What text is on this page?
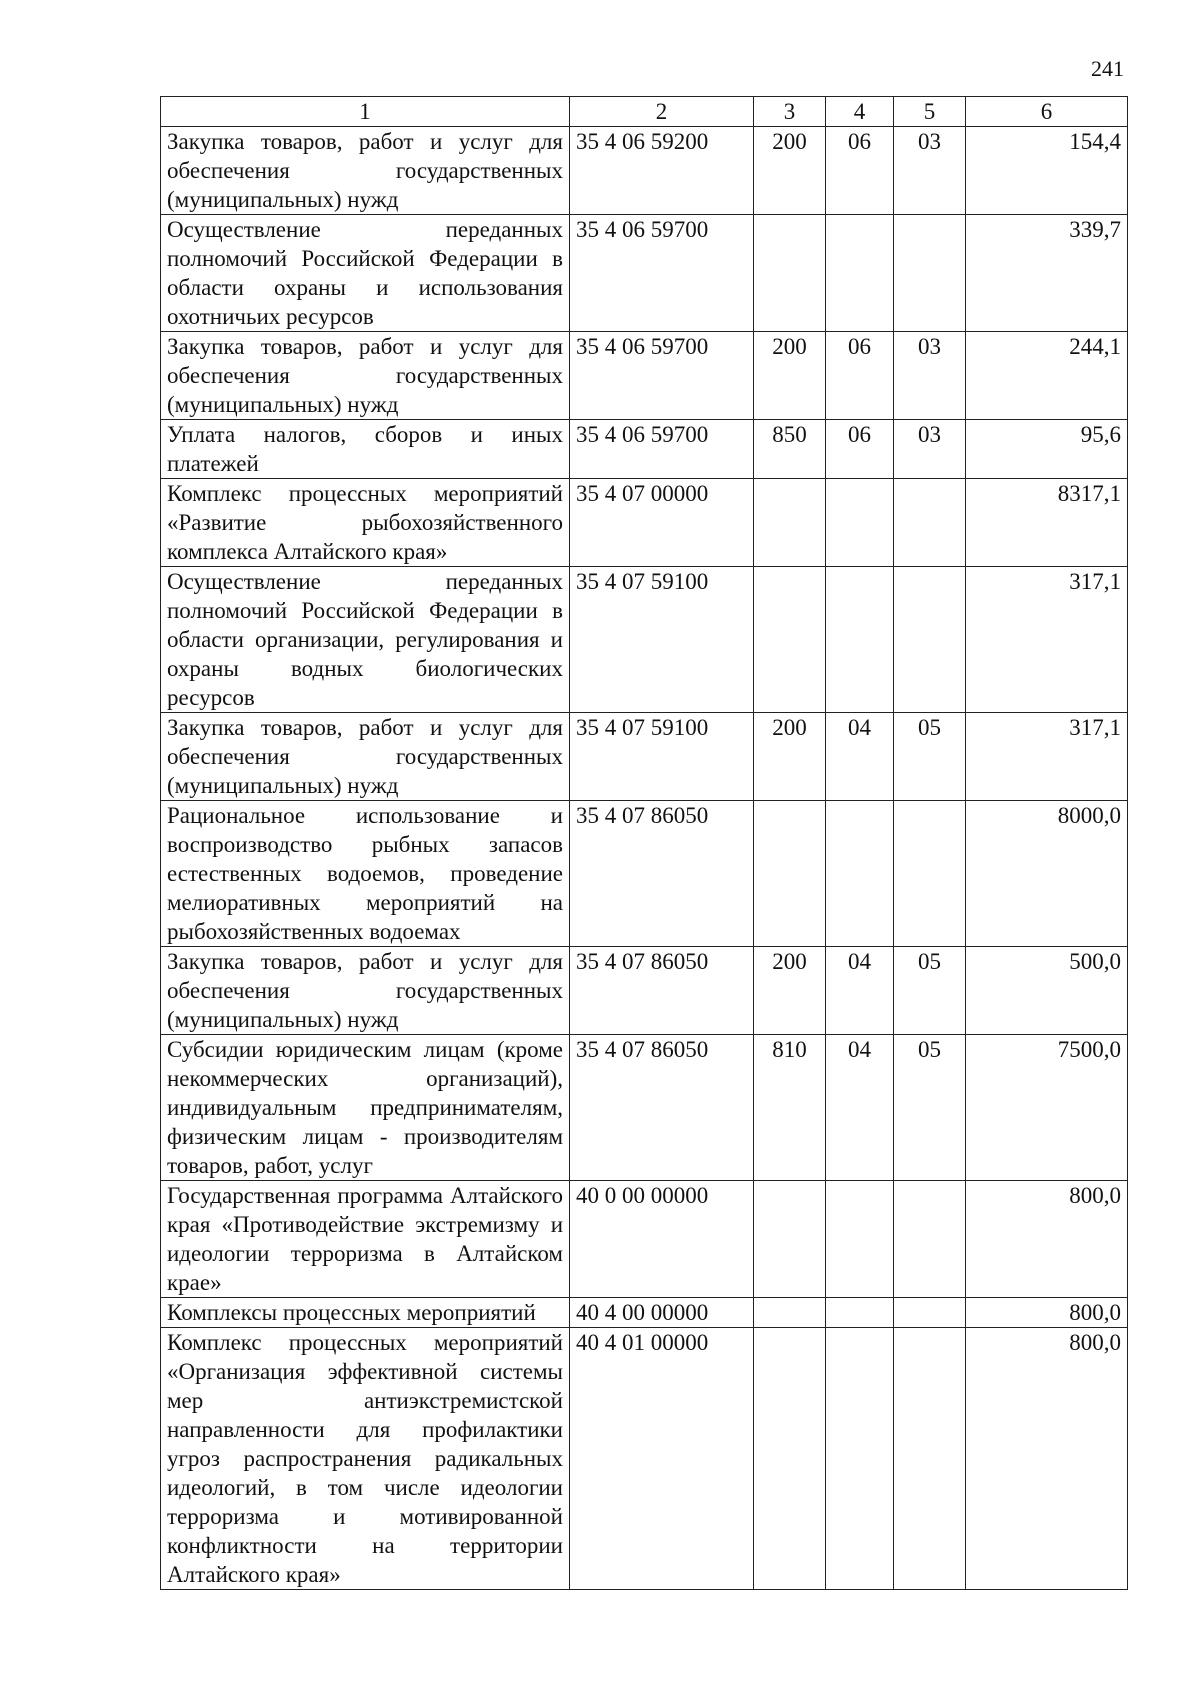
241
1	2	3	4	5	6
Закупка товаров, работ и услуг для обеспечения государственных (муниципальных) нужд	35 4 06 59200	200	06	03	154,4
Осуществление переданных полномочий Российской Федерации в области охраны и использования охотничьих ресурсов	35 4 06 59700				339,7
Закупка товаров, работ и услуг для обеспечения государственных (муниципальных) нужд	35 4 06 59700	200	06	03	244,1
Уплата налогов, сборов и иных платежей	35 4 06 59700	850	06	03	95,6
Комплекс процессных мероприятий «Развитие рыбохозяйственного комплекса Алтайского края»	35 4 07 00000				8317,1
Осуществление переданных полномочий Российской Федерации в области организации, регулирования и охраны водных биологических ресурсов	35 4 07 59100				317,1
Закупка товаров, работ и услуг для обеспечения государственных (муниципальных) нужд	35 4 07 59100	200	04	05	317,1
Рациональное использование и воспроизводство рыбных запасов естественных водоемов, проведение мелиоративных мероприятий на рыбохозяйственных водоемах	35 4 07 86050				8000,0
Закупка товаров, работ и услуг для обеспечения государственных (муниципальных) нужд	35 4 07 86050	200	04	05	500,0
Субсидии юридическим лицам (кроме некоммерческих организаций), индивидуальным предпринимателям, физическим лицам - производителям товаров, работ, услуг	35 4 07 86050	810	04	05	7500,0
Государственная программа Алтайского края «Противодействие экстремизму и идеологии терроризма в Алтайском крае»	40 0 00 00000				800,0
Комплексы процессных мероприятий	40 4 00 00000				800,0
Комплекс процессных мероприятий «Организация эффективной системы мер антиэкстремистской направленности для профилактики угроз распространения радикальных идеологий, в том числе идеологии терроризма и мотивированной конфликтности на территории Алтайского края»	40 4 01 00000				800,0
